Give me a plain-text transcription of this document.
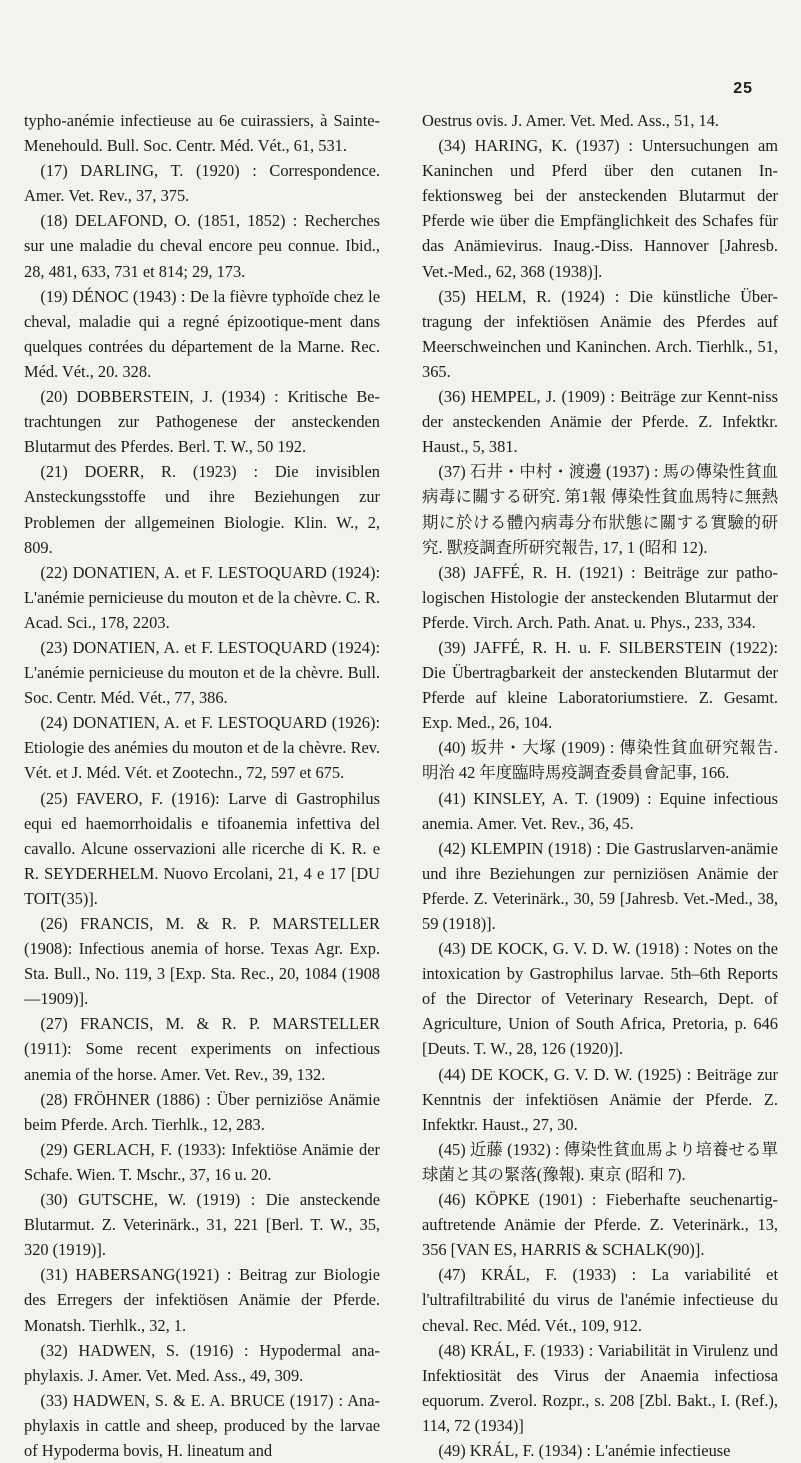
25

typho-anémie infectieuse au 6e cuirassiers, à Sainte-Menehould. Bull. Soc. Centr. Méd. Vét., 61, 531.

(17) DARLING, T. (1920) : Correspondence. Amer. Vet. Rev., 37, 375.

(18) DELAFOND, O. (1851, 1852) : Recherches sur une maladie du cheval encore peu connue. Ibid., 28, 481, 633, 731 et 814; 29, 173.

(19) DÉNOC (1943) : De la fièvre typhoïde chez le cheval, maladie qui a regné épizootique-ment dans quelques contrées du département de la Marne. Rec. Méd. Vét., 20. 328.

(20) DOBBERSTEIN, J. (1934) : Kritische Be-trachtungen zur Pathogenese der ansteckenden Blutarmut des Pferdes. Berl. T. W., 50 192.

(21) DOERR, R. (1923) : Die invisiblen Ansteckungsstoffe und ihre Beziehungen zur Problemen der allgemeinen Biologie. Klin. W., 2, 809.

(22) DONATIEN, A. et F. LESTOQUARD (1924): L'anémie pernicieuse du mouton et de la chèvre. C. R. Acad. Sci., 178, 2203.

(23) DONATIEN, A. et F. LESTOQUARD (1924): L'anémie pernicieuse du mouton et de la chèvre. Bull. Soc. Centr. Méd. Vét., 77, 386.

(24) DONATIEN, A. et F. LESTOQUARD (1926): Etiologie des anémies du mouton et de la chèvre. Rev. Vét. et J. Méd. Vét. et Zootechn., 72, 597 et 675.

(25) FAVERO, F. (1916): Larve di Gastrophilus equi ed haemorrhoidalis e tifoanemia infettiva del cavallo. Alcune osservazioni alle ricerche di K. R. e R. SEYDERHELM. Nuovo Ercolani, 21, 4 e 17 [DU TOIT(35)].

(26) FRANCIS, M. & R. P. MARSTELLER (1908): Infectious anemia of horse. Texas Agr. Exp. Sta. Bull., No. 119, 3 [Exp. Sta. Rec., 20, 1084 (1908—1909)].

(27) FRANCIS, M. & R. P. MARSTELLER (1911): Some recent experiments on infectious anemia of the horse. Amer. Vet. Rev., 39, 132.

(28) FRÖHNER (1886) : Über perniziöse Anämie beim Pferde. Arch. Tierhlk., 12, 283.

(29) GERLACH, F. (1933): Infektiöse Anämie der Schafe. Wien. T. Mschr., 37, 16 u. 20.

(30) GUTSCHE, W. (1919) : Die ansteckende Blutarmut. Z. Veterinärk., 31, 221 [Berl. T. W., 35, 320 (1919)].

(31) HABERSANG(1921) : Beitrag zur Biologie des Erregers der infektiösen Anämie der Pferde. Monatsh. Tierhlk., 32, 1.

(32) HADWEN, S. (1916) : Hypodermal ana-phylaxis. J. Amer. Vet. Med. Ass., 49, 309.

(33) HADWEN, S. & E. A. BRUCE (1917) : Ana-phylaxis in cattle and sheep, produced by the larvae of Hypoderma bovis, H. lineatum and

Oestrus ovis. J. Amer. Vet. Med. Ass., 51, 14.

(34) HARING, K. (1937) : Untersuchungen am Kaninchen und Pferd über den cutanen In-fektionsweg bei der ansteckenden Blutarmut der Pferde wie über die Empfänglichkeit des Schafes für das Anämievirus. Inaug.-Diss. Hannover [Jahresb. Vet.-Med., 62, 368 (1938)].

(35) HELM, R. (1924) : Die künstliche Über-tragung der infektiösen Anämie des Pferdes auf Meerschweinchen und Kaninchen. Arch. Tierhlk., 51, 365.

(36) HEMPEL, J. (1909) : Beiträge zur Kennt-niss der ansteckenden Anämie der Pferde. Z. Infektkr. Haust., 5, 381.

(37) 石井・中村・渡邊 (1937) : 馬の傳染性貧血病毒に關する研究. 第1報 傳染性貧血馬特に無熱期に於ける體內病毒分布狀態に關する實驗的研究. 獸疫調査所研究報告, 17, 1 (昭和 12).

(38) JAFFÉ, R. H. (1921) : Beiträge zur patho-logischen Histologie der ansteckenden Blutarmut der Pferde. Virch. Arch. Path. Anat. u. Phys., 233, 334.

(39) JAFFÉ, R. H. u. F. SILBERSTEIN (1922): Die Übertragbarkeit der ansteckenden Blutarmut der Pferde auf kleine Laboratoriumstiere. Z. Gesamt. Exp. Med., 26, 104.

(40) 坂井・大塚 (1909) : 傳染性貧血研究報告. 明治 42 年度臨時馬疫調査委員會記事, 166.

(41) KINSLEY, A. T. (1909) : Equine infectious anemia. Amer. Vet. Rev., 36, 45.

(42) KLEMPIN (1918) : Die Gastruslarven-anämie und ihre Beziehungen zur perniziösen Anämie der Pferde. Z. Veterinärk., 30, 59 [Jahresb. Vet.-Med., 38, 59 (1918)].

(43) DE KOCK, G. V. D. W. (1918) : Notes on the intoxication by Gastrophilus larvae. 5th–6th Reports of the Director of Veterinary Research, Dept. of Agriculture, Union of South Africa, Pretoria, p. 646 [Deuts. T. W., 28, 126 (1920)].

(44) DE KOCK, G. V. D. W. (1925) : Beiträge zur Kenntnis der infektiösen Anämie der Pferde. Z. Infektkr. Haust., 27, 30.

(45) 近藤 (1932) : 傳染性貧血馬より培養せる單球菌と其の緊落(豫報). 東京 (昭和 7).

(46) KÖPKE (1901) : Fieberhafte seuchenartig-auftretende Anämie der Pferde. Z. Veterinärk., 13, 356 [VAN ES, HARRIS & SCHALK(90)].

(47) KRÁL, F. (1933) : La variabilité et l'ultrafiltrabilité du virus de l'anémie infectieuse du cheval. Rec. Méd. Vét., 109, 912.

(48) KRÁL, F. (1933) : Variabilität in Virulenz und Infektiosität des Virus der Anaemia infectiosa equorum. Zverol. Rozpr., s. 208 [Zbl. Bakt., I. (Ref.), 114, 72 (1934)]

(49) KRÁL, F. (1934) : L'anémie infectieuse
